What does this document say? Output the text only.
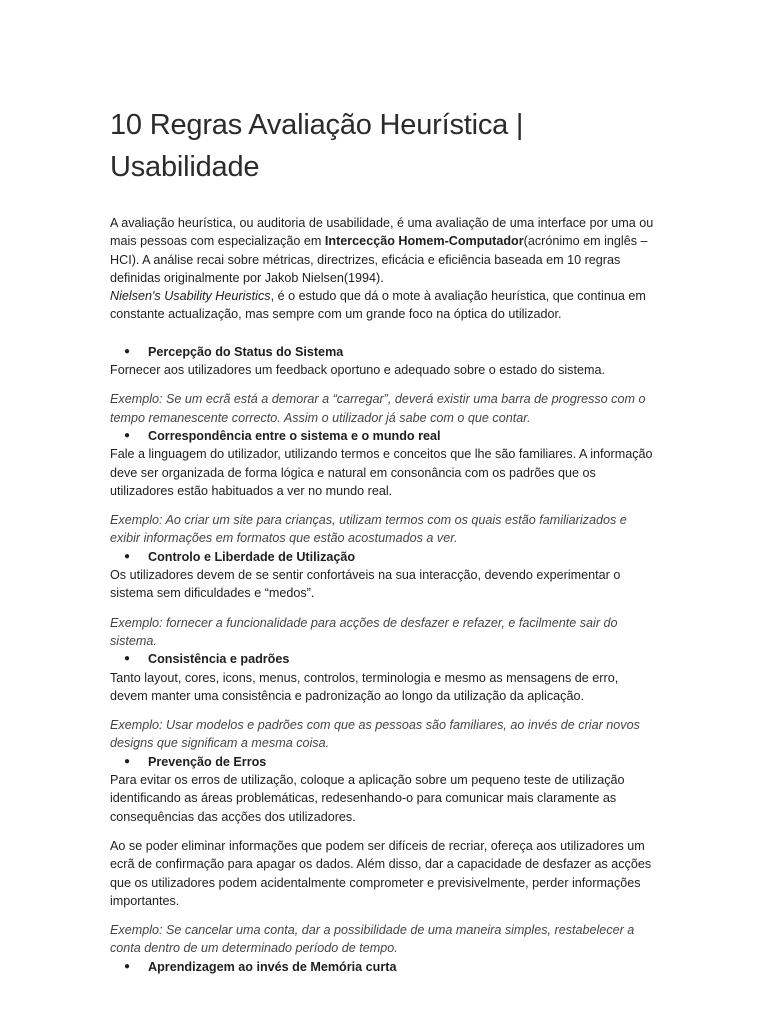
10 Regras Avaliação Heurística | Usabilidade

A avaliação heurística, ou auditoria de usabilidade, é uma avaliação de uma interface por uma ou mais pessoas com especialização em Intercecção Homem-Computador(acrónimo em inglês – HCI). A análise recai sobre métricas, directrizes, eficácia e eficiência baseada em 10 regras definidas originalmente por Jakob Nielsen(1994).
Nielsen's Usability Heuristics, é o estudo que dá o mote à avaliação heurística, que continua em constante actualização, mas sempre com um grande foco na óptica do utilizador.

● Percepção do Status do Sistema

Fornecer aos utilizadores um feedback oportuno e adequado sobre o estado do sistema.

Exemplo: Se um ecrã está a demorar a “carregar”, deverá existir uma barra de progresso com o tempo remanescente correcto. Assim o utilizador já sabe com o que contar.

● Correspondência entre o sistema e o mundo real

Fale a linguagem do utilizador, utilizando termos e conceitos que lhe são familiares. A informação deve ser organizada de forma lógica e natural em consonância com os padrões que os utilizadores estão habituados a ver no mundo real.

Exemplo: Ao criar um site para crianças, utilizam termos com os quais estão familiarizados e exibir informações em formatos que estão acostumados a ver.

● Controlo e Liberdade de Utilização

Os utilizadores devem de se sentir confortáveis na sua interacção, devendo experimentar o sistema sem dificuldades e “medos”.

Exemplo: fornecer a funcionalidade para acções de desfazer e refazer, e facilmente sair do sistema.

● Consistência e padrões

Tanto layout, cores, icons, menus, controlos, terminologia e mesmo as mensagens de erro, devem manter uma consistência e padronização ao longo da utilização da aplicação.

Exemplo: Usar modelos e padrões com que as pessoas são familiares, ao invés de criar novos designs que significam a mesma coisa.

● Prevenção de Erros

Para evitar os erros de utilização, coloque a aplicação sobre um pequeno teste de utilização identificando as áreas problemáticas, redesenhando-o para comunicar mais claramente as consequências das acções dos utilizadores.

Ao se poder eliminar informações que podem ser difíceis de recriar, ofereça aos utilizadores um ecrã de confirmação para apagar os dados. Além disso, dar a capacidade de desfazer as acções que os utilizadores podem acidentalmente comprometer e previsivelmente, perder informações importantes.

Exemplo: Se cancelar uma conta, dar a possibilidade de uma maneira simples, restabelecer a conta dentro de um determinado período de tempo.

● Aprendizagem ao invés de Memória curta
